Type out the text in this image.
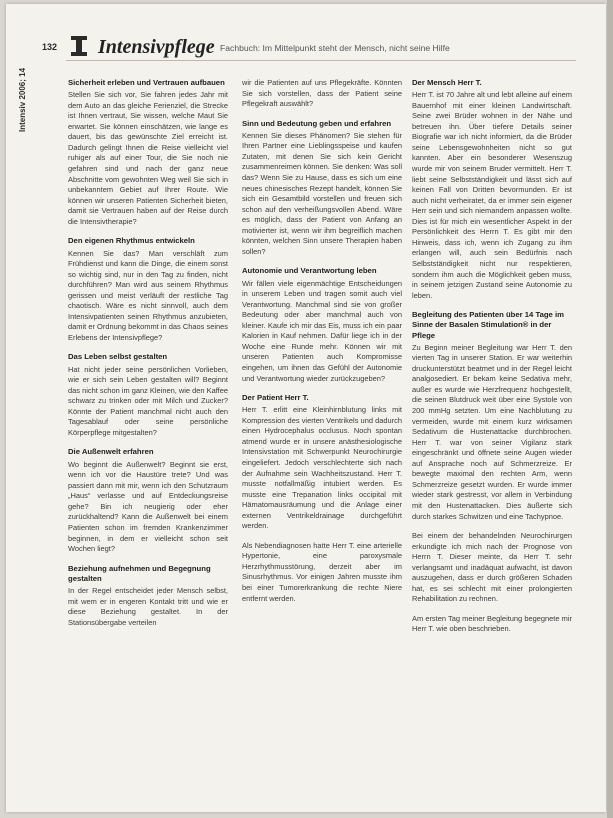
132 Intensivpflege Fachbuch: Im Mittelpunkt steht der Mensch, nicht seine Hilfe
Intensiv 2006; 14	Sicherheit erleben und Vertrauen aufbauen

Stellen Sie sich vor, Sie fahren jedes Jahr mit dem Auto an das gleiche Ferienziel, die Strecke ist Ihnen vertraut, Sie wissen, welche Maut Sie erwartet. Sie können einschätzen, wie lange es dauert, bis das gewünschte Ziel erreicht ist. Dadurch gelingt Ihnen die Reise vielleicht viel ruhiger als auf einer Tour, die Sie noch nie gefahren sind und nach der ganz neue Abschnitte vom gewohnten Weg weil Sie sich in unbekanntem Gebiet auf Ihrer Route. Wie können wir unseren Patienten Sicherheit bieten, damit sie Vertrauen haben auf der Reise durch die Intensivtherapie?

Den eigenen Rhythmus entwickeln

Kennen Sie das? Man verschläft zum Frühdienst und kann die Dinge, die einem sonst so wichtig sind, nur in den Tag zu finden, nicht durchführen? Man wird aus seinem Rhythmus gerissen und meist verläuft der restliche Tag chaotisch. Wäre es nicht sinnvoll, auch dem Intensivpatienten seinen Rhythmus anzubieten, damit er Ordnung bekommt in das Chaos seines Erlebens der Intensivpflege?

Das Leben selbst gestalten

Hat nicht jeder seine persönlichen Vorlieben, wie er sich sein Leben gestalten will? Beginnt das nicht schon im ganz Kleinen, wie den Kaffee schwarz zu trinken oder mit Milch und Zucker? Könnte der Patient manchmal nicht auch den Tagesablauf oder seine persönliche Körperpflege mitgestalten?

Die Außenwelt erfahren

Wo beginnt die Außenwelt? Beginnt sie erst, wenn ich vor die Haustüre trete? Und was passiert dann mit mir, wenn ich den Schutzraum „Haus“ verlasse und auf Entdeckungsreise gehe? Bin ich neugierig oder eher zurückhaltend? Kann die Außenwelt bei einem Patienten schon im fremden Krankenzimmer beginnen, in dem er vielleicht schon seit Wochen liegt?

Beziehung aufnehmen und Begegnung gestalten

In der Regel entscheidet jeder Mensch selbst, mit wem er in engeren Kontakt tritt und wie er diese Beziehung gestaltet. In der Stationsübergabe verteilen

wir die Patienten auf uns Pflegekräfte. Könnten Sie sich vorstellen, dass der Patient seine Pflegekraft auswählt?

Sinn und Bedeutung geben und erfahren

Kennen Sie dieses Phänomen? Sie stehen für Ihren Partner eine Lieblingsspeise und kaufen Zutaten, mit denen Sie sich kein Gericht zusammenreimen können. Sie denken: Was soll das? Wenn Sie zu Hause, dass es sich um eine neues chinesisches Rezept handelt, können Sie sich ein Gesamtbild vorstellen und freuen sich schon auf den verheißungsvollen Abend. Wäre es möglich, dass der Patient von Anfang an motivierter ist, wenn wir ihm begreiflich machen könnten, welchen Sinn unsere Therapien haben sollen?

Autonomie und Verantwortung leben

Wir fällen viele eigenmächtige Entscheidungen in unserem Leben und tragen somit auch viel Verantwortung. Manchmal sind sie von großer Bedeutung oder aber manchmal auch von kleiner. Kaufe ich mir das Eis, muss ich ein paar Kalorien in Kauf nehmen. Dafür liege ich in der Woche eine Runde mehr. Können wir mit unseren Patienten auch Kompromisse eingehen, um ihnen das Gefühl der Autonomie und Verantwortung wieder zurückzugeben?

Der Patient Herr T.

Herr T. erlitt eine Kleinhirnblutung links mit Kompression des vierten Ventrikels und dadurch einen Hydrocephalus occlusus. Noch spontan atmend wurde er in unsere anästhesiologische Intensivstation mit Schwerpunkt Neurochirurgie eingeliefert. Jedoch verschlechterte sich nach der Aufnahme sein Wachheitszustand. Herr T. musste notfallmäßig intubiert werden. Es musste eine Trepanation links occipital mit Hämatomausräumung und die Anlage einer externen Ventrikeldrainage durchgeführt werden.

Als Nebendiagnosen hatte Herr T. eine arterielle Hypertonie, eine paroxysmale Herzrhythmusstörung, derzeit aber im Sinusrhythmus. Vor einigen Jahren musste ihm bei einer Tumorerkrankung die rechte Niere entfernt werden.

Der Mensch Herr T.

Herr T. ist 70 Jahre alt und lebt alleine auf einem Bauernhof mit einer kleinen Landwirtschaft. Seine zwei Brüder wohnen in der Nähe und betreuen ihn. Über tiefere Details seiner Biografie war ich nicht informiert, da die Brüder seine Lebensgewohnheiten nicht so gut kannten. Aber ein besonderer Wesenszug wurde mir von seinem Bruder vermittelt. Herr T. liebt seine Selbstständigkeit und lässt sich auf keinen Fall von Dritten bevormunden. Er ist auch nicht verheiratet, da er immer sein eigener Herr sein und sich niemandem anpassen wollte. Dies ist für mich ein wesentlicher Aspekt in der Persönlichkeit des Herrn T. Es gibt mir den Hinweis, dass ich, wenn ich Zugang zu ihm erlangen will, auch sein Bedürfnis nach Selbstständigkeit nicht nur respektieren, sondern ihm auch die Möglichkeit geben muss, in seinem jetzigen Zustand seine Autonomie zu leben.

Begleitung des Patienten über 14 Tage im Sinne der Basalen Stimulation® in der Pflege

Zu Beginn meiner Begleitung war Herr T. den vierten Tag in unserer Station. Er war weiterhin druckunterstützt beatmet und in der Regel leicht analgosediert. Er bekam keine Sedativa mehr, außer es wurde wie Herzfrequenz hochgestellt, die seinen Blutdruck weit über eine Systole von 200 mmHg setzten. Um eine Nachblutung zu vermeiden, wurde mit einem kurz wirksamen Sedativum die Hustenattacke durchbrochen. Herr T. war von seiner Vigilanz stark eingeschränkt und öffnete seine Augen wieder auf Ansprache noch auf Schmerzreize. Er bewegte maximal den rechten Arm, wenn Schmerzreize gesetzt wurden. Er wurde immer wieder stark gestresst, vor allem in Verbindung mit den Hustenattacken. Dies äußerte sich durch starkes Schwitzen und eine Tachypnoe.

Bei einem der behandelnden Neurochirurgen erkundigte ich mich nach der Prognose von Herrn T. Dieser meinte, da Herr T. sehr verlangsamt und inadäquat aufwacht, ist davon auszugehen, dass er durch größeren Schaden hat, es sei schlecht mit einer prolongierten Rehabilitation zu rechnen.

Am ersten Tag meiner Begleitung begegnete mir Herr T. wie oben beschrieben.
